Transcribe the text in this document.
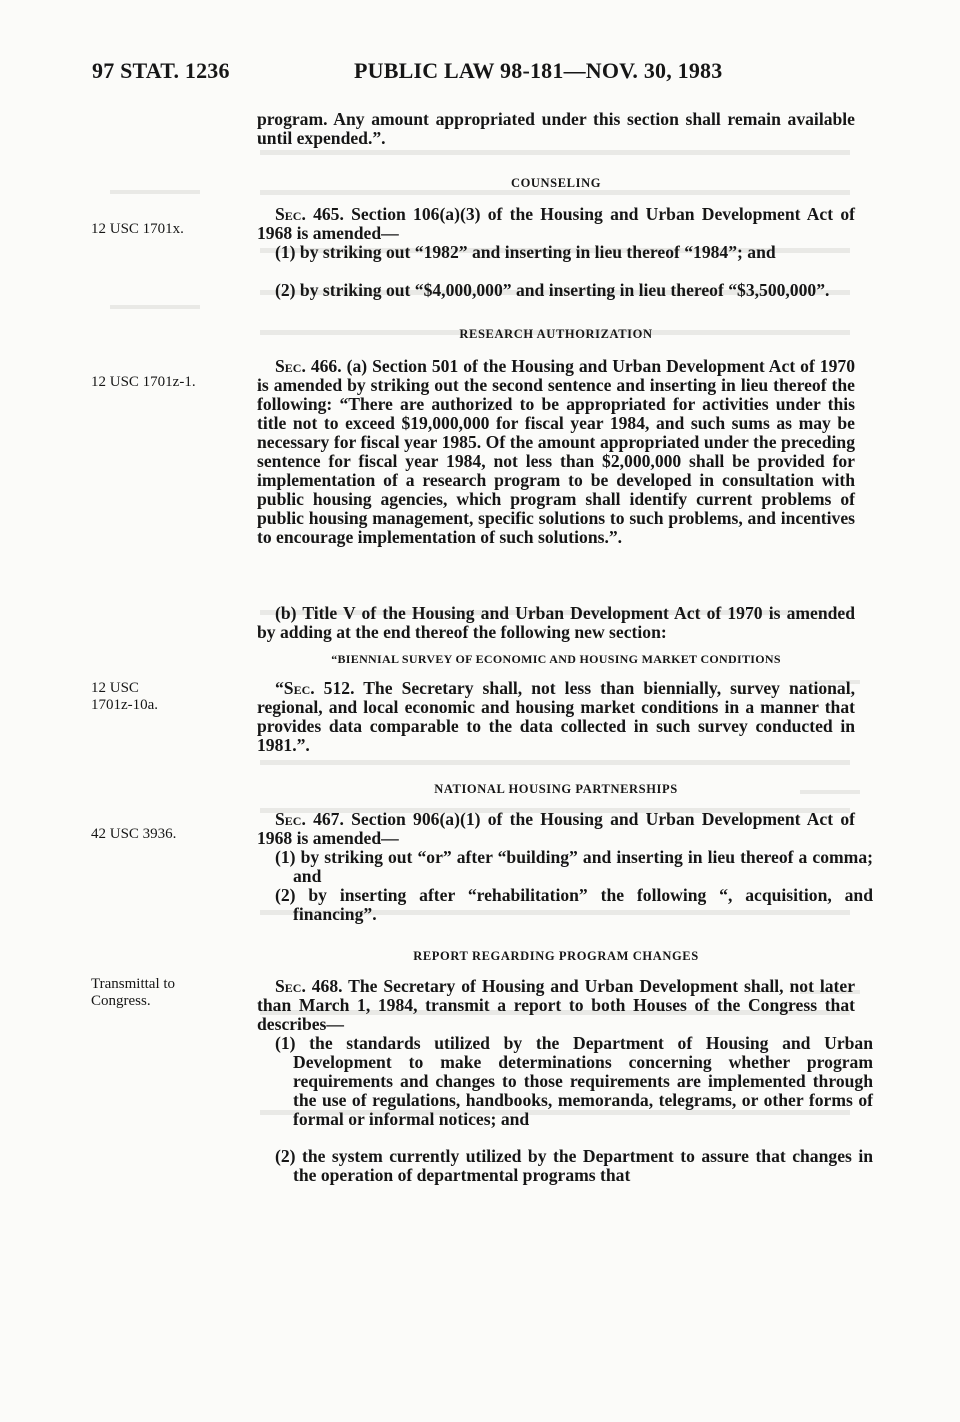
97 STAT. 1236	PUBLIC LAW 98-181—NOV. 30, 1983
12 USC 1701x.
12 USC 1701z-1.
12 USC
1701z-10a.
42 USC 3936.
Transmittal to
Congress.

program. Any amount appropriated under this section shall remain available until expended.”.

COUNSELING

Sec. 465. Section 106(a)(3) of the Housing and Urban Development Act of 1968 is amended—

(1) by striking out “1982” and inserting in lieu thereof “1984”; and

(2) by striking out “$4,000,000” and inserting in lieu thereof “$3,500,000”.

RESEARCH AUTHORIZATION

Sec. 466. (a) Section 501 of the Housing and Urban Development Act of 1970 is amended by striking out the second sentence and inserting in lieu thereof the following: “There are authorized to be appropriated for activities under this title not to exceed $19,000,000 for fiscal year 1984, and such sums as may be necessary for fiscal year 1985. Of the amount appropriated under the preceding sentence for fiscal year 1984, not less than $2,000,000 shall be provided for implementation of a research program to be developed in consultation with public housing agencies, which program shall identify current problems of public housing management, specific solutions to such problems, and incentives to encourage implementation of such solutions.”.

(b) Title V of the Housing and Urban Development Act of 1970 is amended by adding at the end thereof the following new section:

“BIENNIAL SURVEY OF ECONOMIC AND HOUSING MARKET CONDITIONS

“Sec. 512. The Secretary shall, not less than biennially, survey national, regional, and local economic and housing market conditions in a manner that provides data comparable to the data collected in such survey conducted in 1981.”.

NATIONAL HOUSING PARTNERSHIPS

Sec. 467. Section 906(a)(1) of the Housing and Urban Development Act of 1968 is amended—

(1) by striking out “or” after “building” and inserting in lieu thereof a comma; and

(2) by inserting after “rehabilitation” the following “, acquisition, and financing”.

REPORT REGARDING PROGRAM CHANGES

Sec. 468. The Secretary of Housing and Urban Development shall, not later than March 1, 1984, transmit a report to both Houses of the Congress that describes—

(1) the standards utilized by the Department of Housing and Urban Development to make determinations concerning whether program requirements and changes to those requirements are implemented through the use of regulations, handbooks, memoranda, telegrams, or other forms of formal or informal notices; and

(2) the system currently utilized by the Department to assure that changes in the operation of departmental programs that
